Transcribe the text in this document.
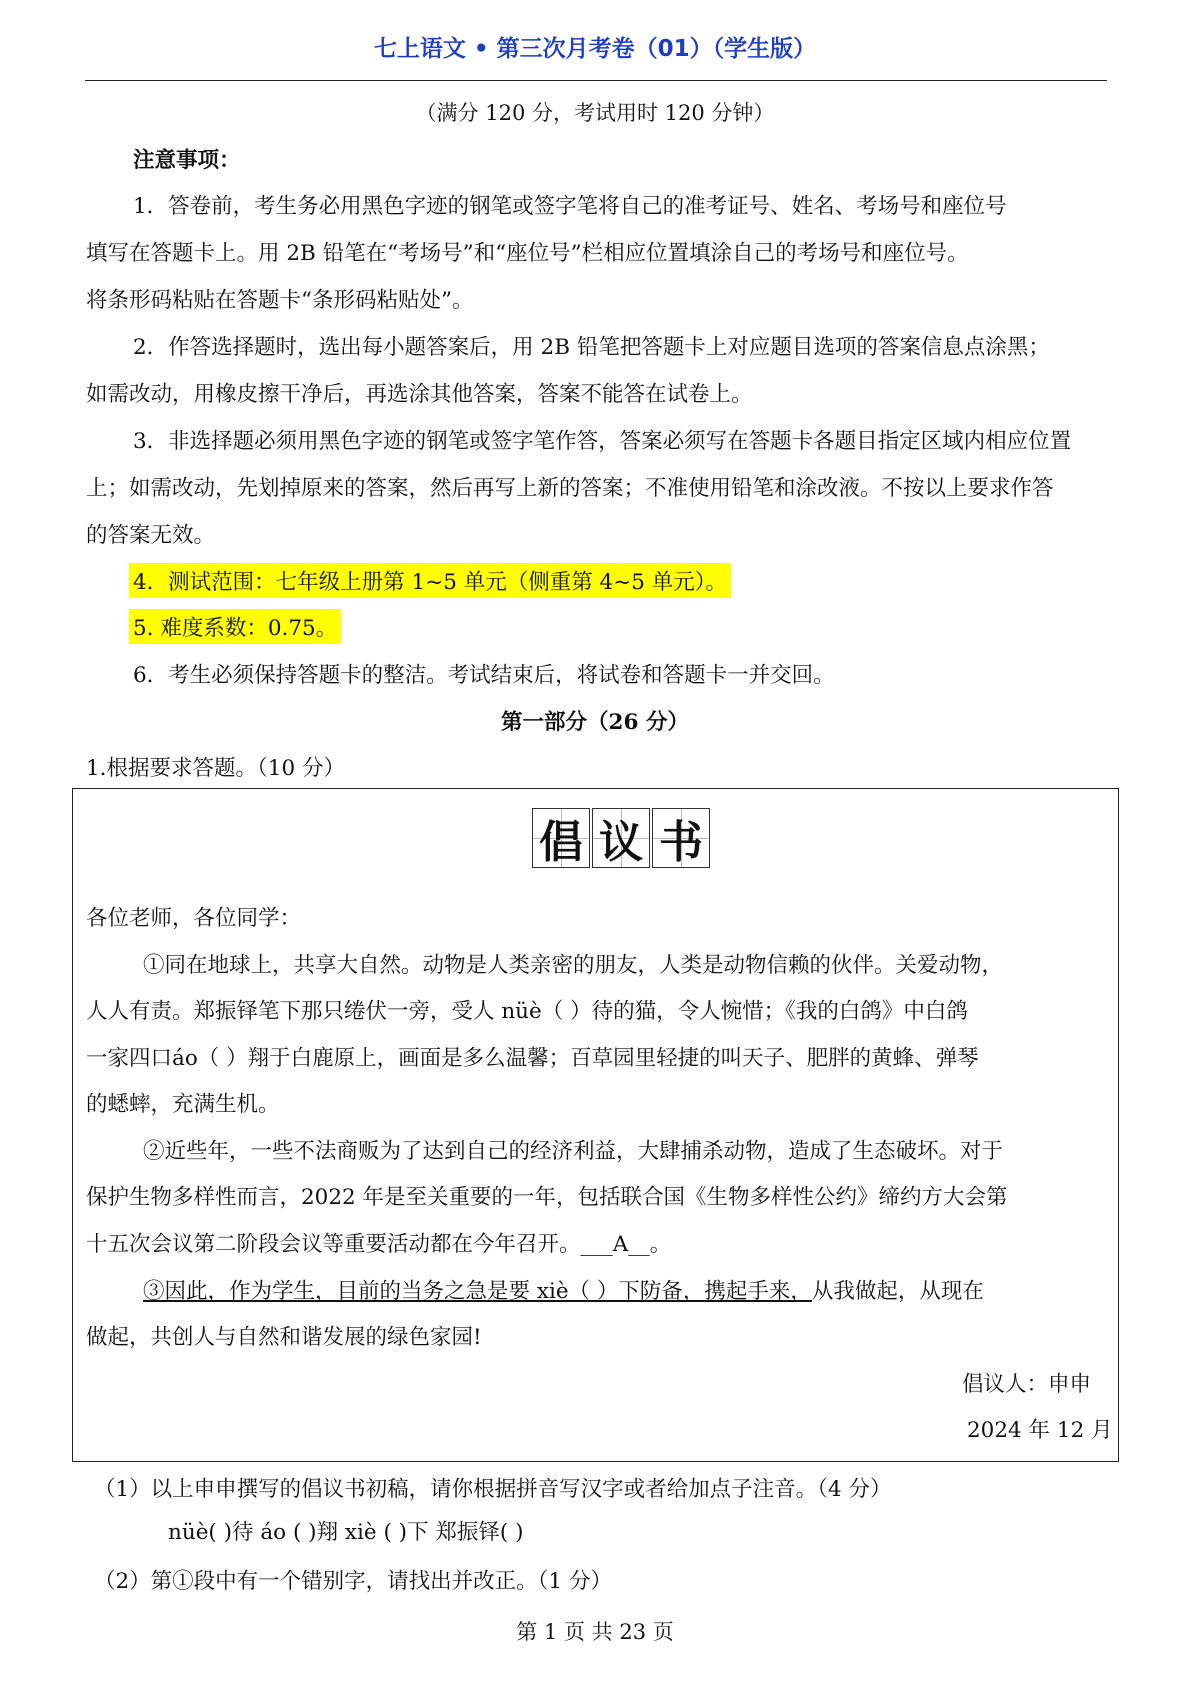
七上语文 • 第三次月考卷（01）（学生版）
（满分 120 分，考试用时 120 分钟）
注意事项：
1．答卷前，考生务必用黑色字迹的钢笔或签字笔将自己的准考证号、姓名、考场号和座位号
填写在答题卡上。用 2B 铅笔在“考场号”和“座位号”栏相应位置填涂自己的考场号和座位号。
将条形码粘贴在答题卡“条形码粘贴处”。
2．作答选择题时，选出每小题答案后，用 2B 铅笔把答题卡上对应题目选项的答案信息点涂黑；
如需改动，用橡皮擦干净后，再选涂其他答案，答案不能答在试卷上。
3．非选择题必须用黑色字迹的钢笔或签字笔作答，答案必须写在答题卡各题目指定区域内相应位置
上；如需改动，先划掉原来的答案，然后再写上新的答案；不准使用铅笔和涂改液。不按以上要求作答
的答案无效。
4．测试范围：七年级上册第 1~5 单元（侧重第 4~5 单元）。
5. 难度系数：0.75。
6．考生必须保持答题卡的整洁。考试结束后，将试卷和答题卡一并交回。
第一部分（26 分）
1.根据要求答题。（10 分）
倡 议 书
各位老师，各位同学：
①同在地球上，共享大自然。动物是人类亲密的朋友，人类是动物信赖的伙伴。关爱动物，
人人有责。郑振铎笔下那只绻伏一旁，受人 nüè（ ）待的猫，令人惋惜；《我的白鸽》中白鸽
一家四口áo（ ）翔于白鹿原上，画面是多么温馨；百草园里轻捷的叫天子、肥胖的黄蜂、弹琴
的蟋蟀，充满生机。
②近些年，一些不法商贩为了达到自己的经济利益，大肆捕杀动物，造成了生态破坏。对于
保护生物多样性而言，2022 年是至关重要的一年，包括联合国《生物多样性公约》缔约方大会第
十五次会议第二阶段会议等重要活动都在今年召开。___A__。
③因此，作为学生，目前的当务之急是要 xiè（ ）下防备，携起手来，从我做起，从现在
做起，共创人与自然和谐发展的绿色家园!
倡议人：申申
2024 年 12 月
（1）以上申申撰写的倡议书初稿，请你根据拼音写汉字或者给加点子注音。（4 分）
nüè( )待 áo ( )翔 xiè ( )下 郑振铎( )
（2）第①段中有一个错别字，请找出并改正。（1 分）
第 1 页 共 23 页
